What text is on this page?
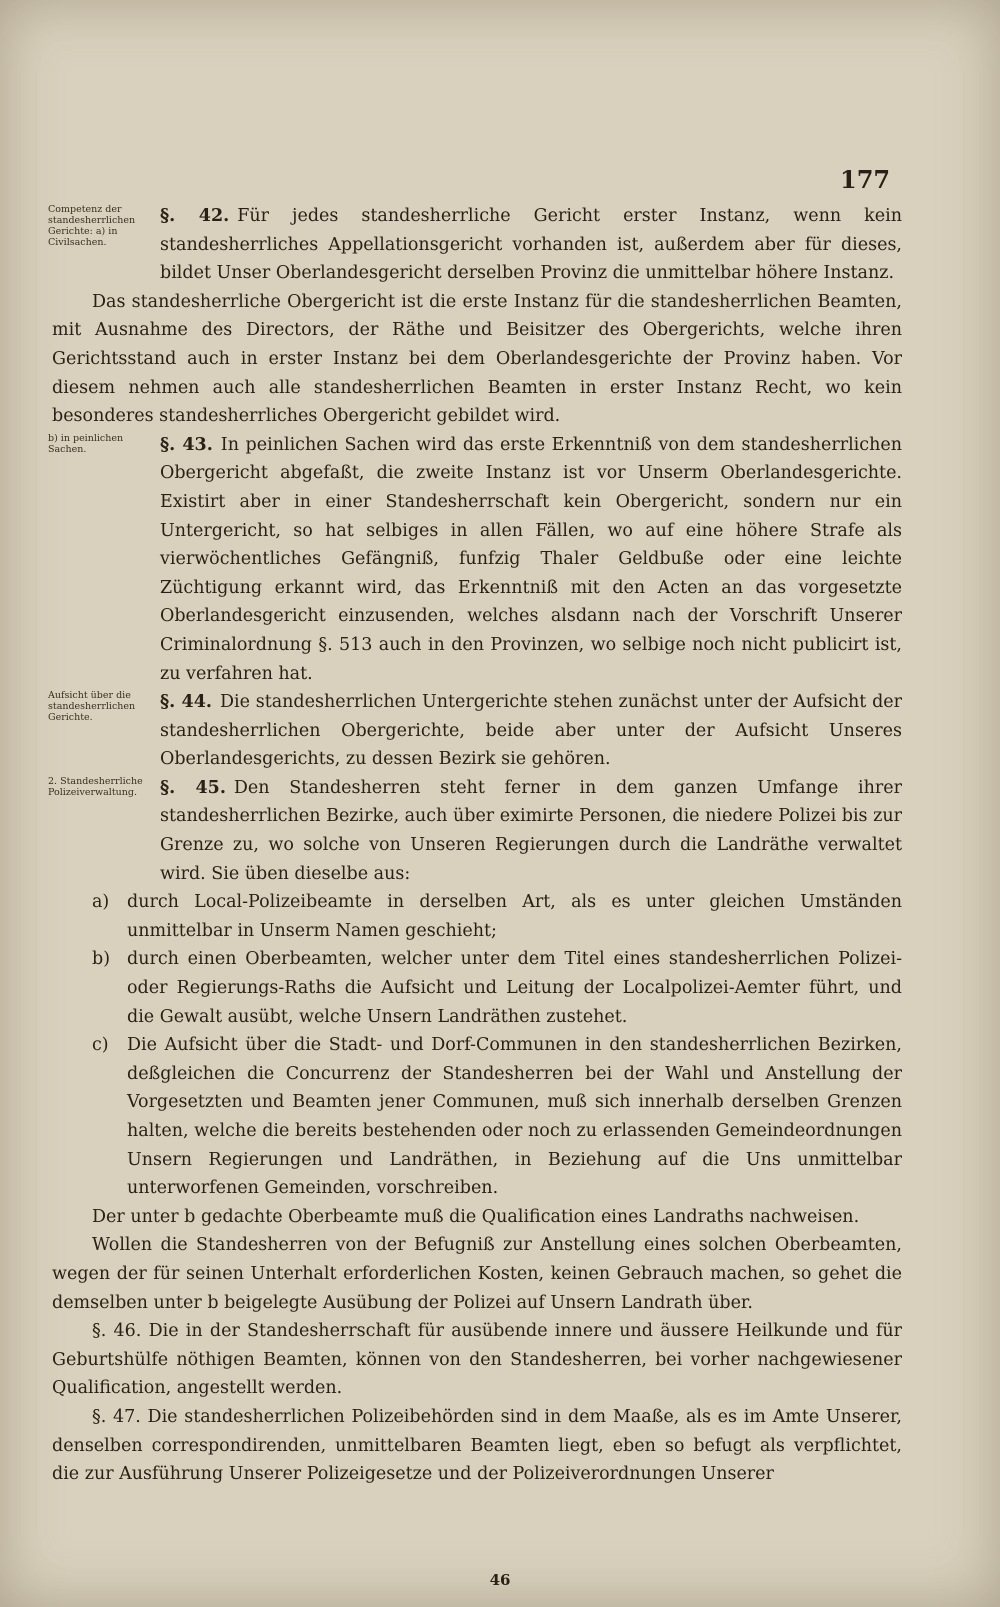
177
Competenz der standesherrlichen Gerichte: a) in Civilsachen.

§. 42. Für jedes standesherrliche Gericht erster Instanz, wenn kein standesherrliches Appellationsgericht vorhanden ist, außerdem aber für dieses, bildet Unser Oberlandesgericht derselben Provinz die unmittelbar höhere Instanz.

Das standesherrliche Obergericht ist die erste Instanz für die standesherrlichen Beamten, mit Ausnahme des Directors, der Räthe und Beisitzer des Obergerichts, welche ihren Gerichtsstand auch in erster Instanz bei dem Oberlandesgerichte der Provinz haben. Vor diesem nehmen auch alle standesherrlichen Beamten in erster Instanz Recht, wo kein besonderes standesherrliches Obergericht gebildet wird.

b) in peinlichen Sachen.	§. 43. In peinlichen Sachen wird das erste Erkenntniß von dem standesherrlichen Obergericht abgefaßt, die zweite Instanz ist vor Unserm Oberlandesgerichte. Existirt aber in einer Standesherrschaft kein Obergericht, sondern nur ein Untergericht, so hat selbiges in allen Fällen, wo auf eine höhere Strafe als vierwöchentliches Gefängniß, funfzig Thaler Geldbuße oder eine leichte Züchtigung erkannt wird, das Erkenntniß mit den Acten an das vorgesetzte Oberlandesgericht einzusenden, welches alsdann nach der Vorschrift Unserer Criminalordnung §. 513 auch in den Provinzen, wo selbige noch nicht publicirt ist, zu verfahren hat.

Aufsicht über die standesherrlichen Gerichte.

§. 44. Die standesherrlichen Untergerichte stehen zunächst unter der Aufsicht der standesherrlichen Obergerichte, beide aber unter der Aufsicht Unseres Oberlandesgerichts, zu dessen Bezirk sie gehören.

2. Standesherrliche Polizeiverwaltung.	§. 45. Den Standesherren steht ferner in dem ganzen Umfange ihrer standesherrlichen Bezirke, auch über eximirte Personen, die niedere Polizei bis zur Grenze zu, wo solche von Unseren Regierungen durch die Landräthe verwaltet wird. Sie üben dieselbe aus:

a) durch Local-Polizeibeamte in derselben Art, als es unter gleichen Umständen unmittelbar in Unserm Namen geschieht;

b) durch einen Oberbeamten, welcher unter dem Titel eines standesherrlichen Polizei- oder Regierungs-Raths die Aufsicht und Leitung der Localpolizei-Aemter führt, und die Gewalt ausübt, welche Unsern Landräthen zustehet.

c) Die Aufsicht über die Stadt- und Dorf-Communen in den standesherrlichen Bezirken, deßgleichen die Concurrenz der Standesherren bei der Wahl und Anstellung der Vorgesetzten und Beamten jener Communen, muß sich innerhalb derselben Grenzen halten, welche die bereits bestehenden oder noch zu erlassenden Gemeindeordnungen Unsern Regierungen und Landräthen, in Beziehung auf die Uns unmittelbar unterworfenen Gemeinden, vorschreiben.

Der unter b gedachte Oberbeamte muß die Qualification eines Landraths nachweisen.

Wollen die Standesherren von der Befugniß zur Anstellung eines solchen Oberbeamten, wegen der für seinen Unterhalt erforderlichen Kosten, keinen Gebrauch machen, so gehet die demselben unter b beigelegte Ausübung der Polizei auf Unsern Landrath über.

§. 46. Die in der Standesherrschaft für ausübende innere und äussere Heilkunde und für Geburtshülfe nöthigen Beamten, können von den Standesherren, bei vorher nachgewiesener Qualification, angestellt werden.

§. 47. Die standesherrlichen Polizeibehörden sind in dem Maaße, als es im Amte Unserer, denselben correspondirenden, unmittelbaren Beamten liegt, eben so befugt als verpflichtet, die zur Ausführung Unserer Polizeigesetze und der Polizeiverordnungen Unserer

46
